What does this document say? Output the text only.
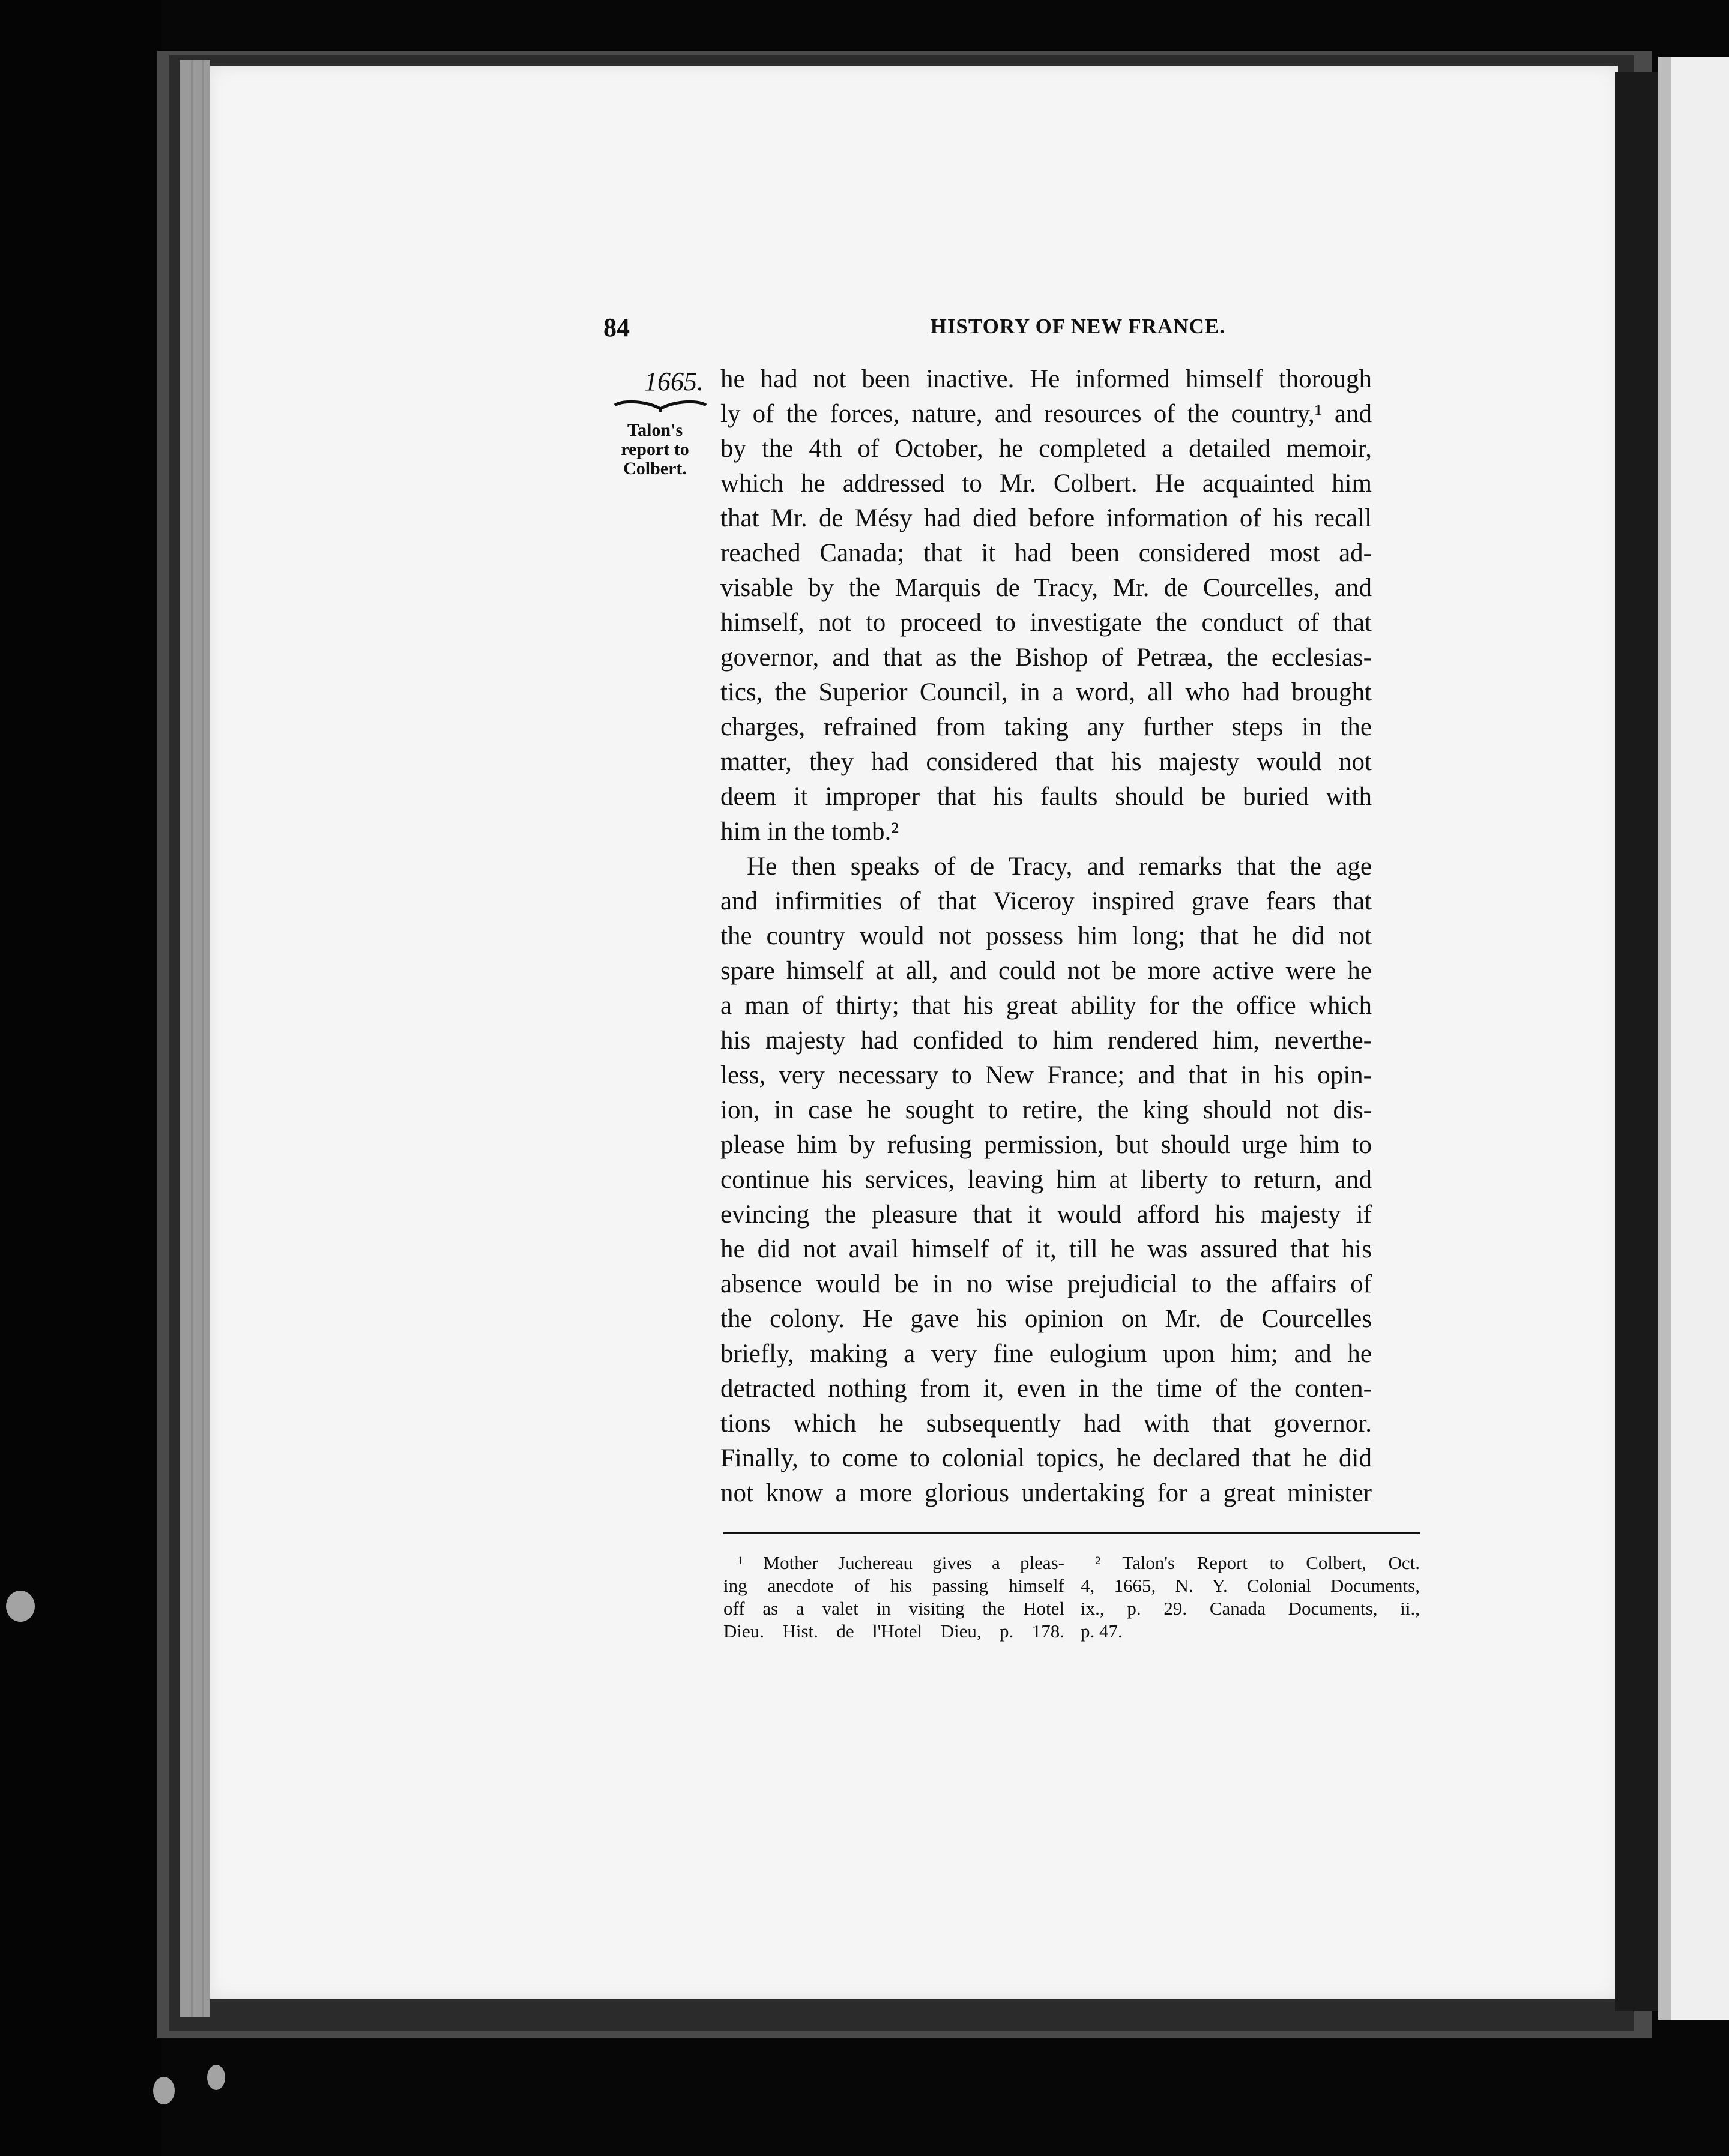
84	HISTORY OF NEW FRANCE.
1665.
Talon's
report to
Colbert.
he had not been inactive. He informed himself thorough
ly of the forces, nature, and resources of the country,¹ and
by the 4th of October, he completed a detailed memoir,
which he addressed to Mr. Colbert. He acquainted him
that Mr. de Mésy had died before information of his recall
reached Canada; that it had been considered most ad-
visable by the Marquis de Tracy, Mr. de Courcelles, and
himself, not to proceed to investigate the conduct of that
governor, and that as the Bishop of Petræa, the ecclesias-
tics, the Superior Council, in a word, all who had brought
charges, refrained from taking any further steps in the
matter, they had considered that his majesty would not
deem it improper that his faults should be buried with
him in the tomb.²
He then speaks of de Tracy, and remarks that the age
and infirmities of that Viceroy inspired grave fears that
the country would not possess him long; that he did not
spare himself at all, and could not be more active were he
a man of thirty; that his great ability for the office which
his majesty had confided to him rendered him, neverthe-
less, very necessary to New France; and that in his opin-
ion, in case he sought to retire, the king should not dis-
please him by refusing permission, but should urge him to
continue his services, leaving him at liberty to return, and
evincing the pleasure that it would afford his majesty if
he did not avail himself of it, till he was assured that his
absence would be in no wise prejudicial to the affairs of
the colony. He gave his opinion on Mr. de Courcelles
briefly, making a very fine eulogium upon him; and he
detracted nothing from it, even in the time of the conten-
tions which he subsequently had with that governor.
Finally, to come to colonial topics, he declared that he did
not know a more glorious undertaking for a great minister
¹ Mother Juchereau gives a pleas-
ing anecdote of his passing himself
off as a valet in visiting the Hotel
Dieu. Hist. de l'Hotel Dieu, p. 178.
² Talon's Report to Colbert, Oct.
4, 1665, N. Y. Colonial Documents,
ix., p. 29. Canada Documents, ii.,
p. 47.
